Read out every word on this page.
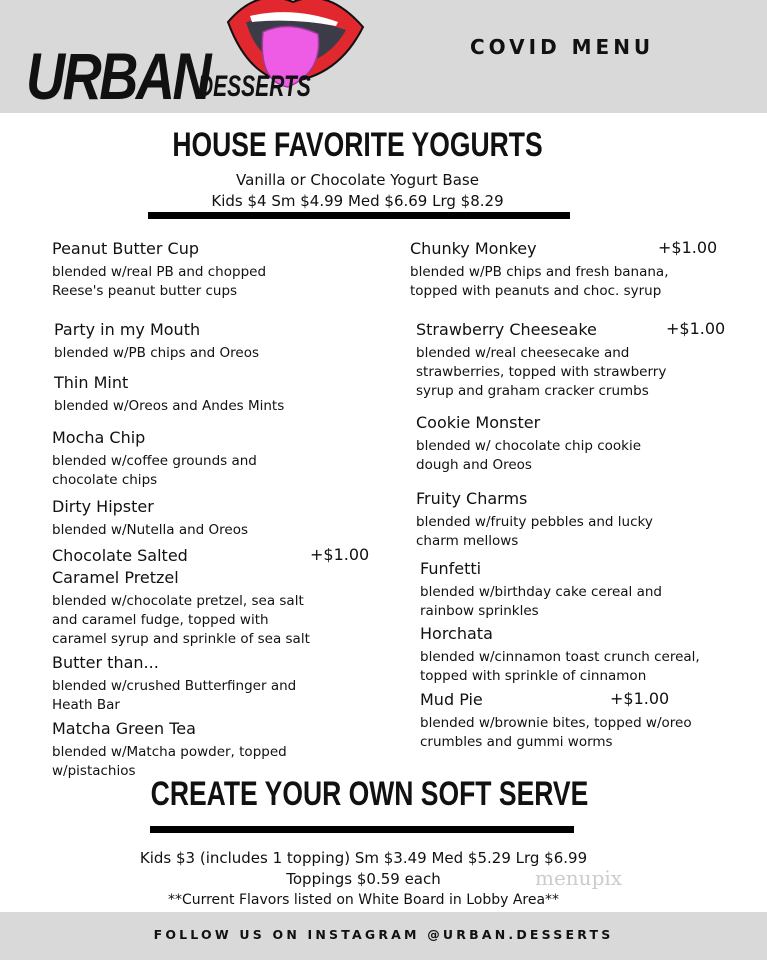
URBAN
DESSERTS
COVID MENU
HOUSE FAVORITE YOGURTS
Vanilla or Chocolate Yogurt Base
Kids $4 Sm $4.99 Med $6.69 Lrg $8.29
Peanut Butter Cup
blended w/real PB and chopped
Reese's peanut butter cups
Party in my Mouth
blended w/PB chips and Oreos
Thin Mint
blended w/Oreos and Andes Mints
Mocha Chip
blended w/coffee grounds and
chocolate chips
Dirty Hipster
blended w/Nutella and Oreos
Chocolate Salted
Caramel Pretzel
blended w/chocolate pretzel, sea salt
and caramel fudge, topped with
caramel syrup and sprinkle of sea salt
+$1.00
Butter than...
blended w/crushed Butterfinger and
Heath Bar
Matcha Green Tea
blended w/Matcha powder, topped
w/pistachios
Chunky Monkey
blended w/PB chips and fresh banana,
topped with peanuts and choc. syrup
+$1.00
Strawberry Cheeseake
blended w/real cheesecake and
strawberries, topped with strawberry
syrup and graham cracker crumbs
+$1.00
Cookie Monster
blended w/ chocolate chip cookie
dough and Oreos
Fruity Charms
blended w/fruity pebbles and lucky
charm mellows
Funfetti
blended w/birthday cake cereal and
rainbow sprinkles
Horchata
blended w/cinnamon toast crunch cereal,
topped with sprinkle of cinnamon
Mud Pie
blended w/brownie bites, topped w/oreo
crumbles and gummi worms
+$1.00
CREATE YOUR OWN SOFT SERVE
Kids $3 (includes 1 topping) Sm $3.49 Med $5.29 Lrg $6.99
Toppings $0.59 each
**Current Flavors listed on White Board in Lobby Area**
menupix
FOLLOW US ON INSTAGRAM @URBAN.DESSERTS
